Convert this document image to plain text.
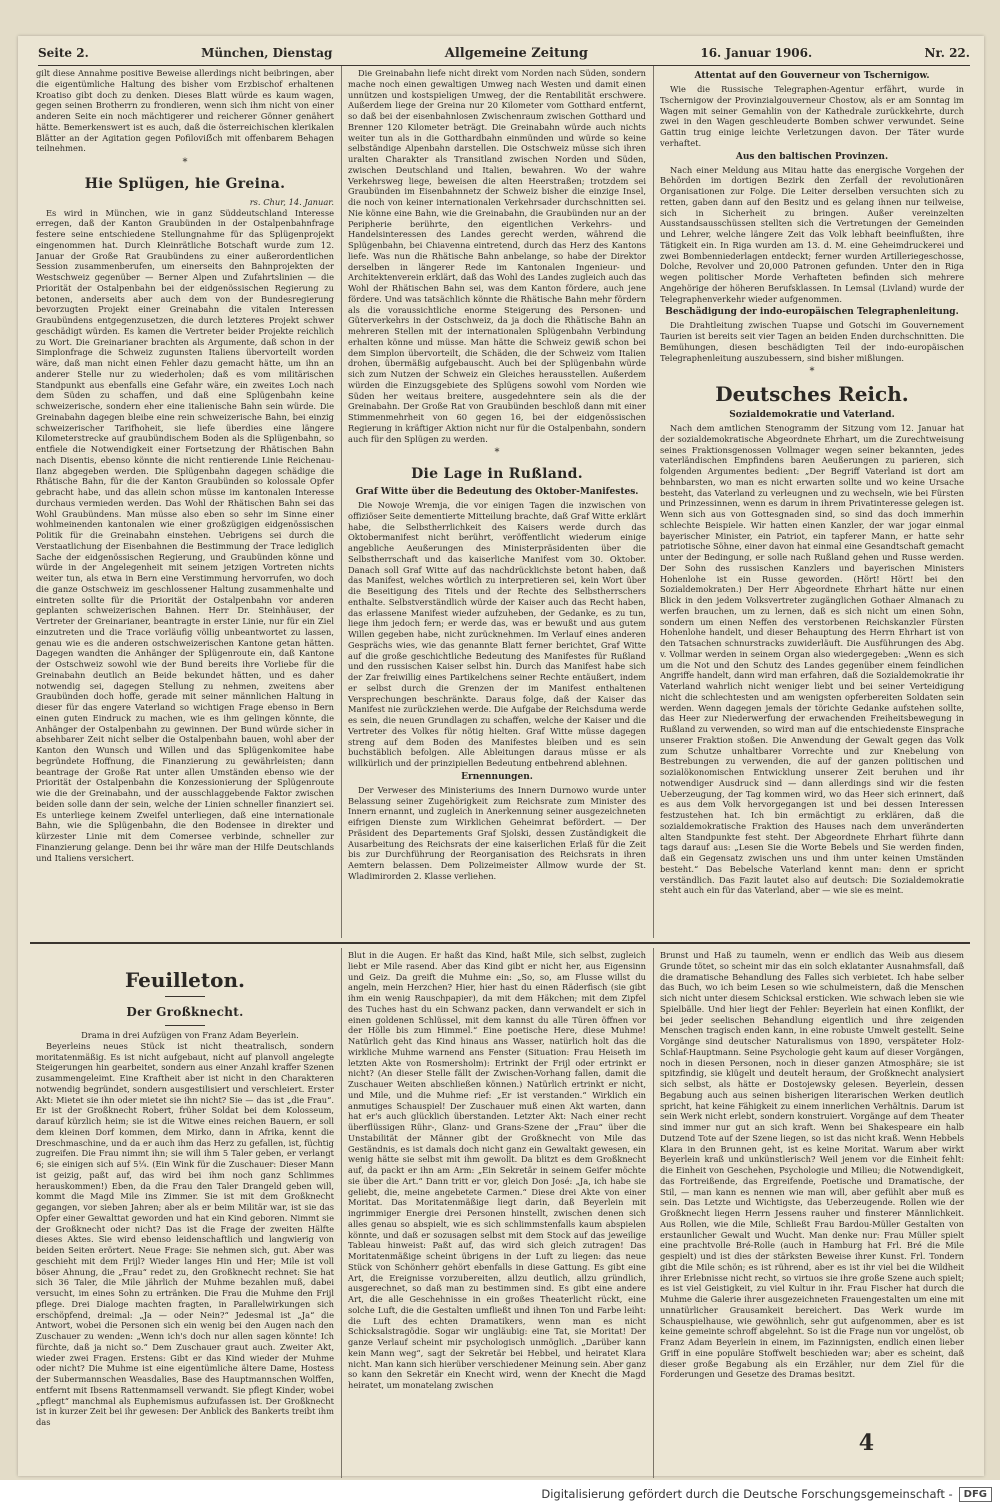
Seite 2.	München, Dienstag	Allgemeine Zeitung	16. Januar 1906.	Nr. 22.

gilt diese Annahme positive Beweise allerdings nicht beibringen, aber die eigentümliche Haltung des bisher vom Erzbischof erhaltenen Kroatiso gibt doch zu denken. Dieses Blatt würde es kaum wagen, gegen seinen Brotherrn zu frondieren, wenn sich ihm nicht von einer anderen Seite ein noch mächtigerer und reicherer Gönner genähert hätte. Bemerkenswert ist es auch, daß die österreichischen klerikalen Blätter an der Agitation gegen Pofiloviẞch mit offenbarem Behagen teilnehmen.

*
Hie Splügen, hie Greina.
rs. Chur, 14. Januar.

Es wird in München, wie in ganz Süddeutschland Interesse erregen, daß der Kanton Graubünden in der Ostalpenbahnfrage festere seine entschiedene Stellungnahme für das Splügenprojekt eingenommen hat. Durch Kleinrätliche Botschaft wurde zum 12. Januar der Große Rat Graubündens zu einer außerordentlichen Session zusammenberufen, um einerseits den Bahnprojekten der Westschweiz gegenüber — Berner Alpen und Zufahrtslinien — die Priorität der Ostalpenbahn bei der eidgenössischen Regierung zu betonen, anderseits aber auch dem von der Bundesregierung bevorzugten Projekt einer Greinabahn die vitalen Interessen Graubündens entgegenzusetzen, die durch letzteres Projekt schwer geschädigt würden. Es kamen die Vertreter beider Projekte reichlich zu Wort. Die Greinarianer brachten als Argumente, daß schon in der Simplonfrage die Schweiz zugunsten Italiens übervorteilt worden wäre, daß man nicht einen Fehler dazu gemacht hätte, um ihn an anderer Stelle nur zu wiederholen; daß es vom militärischen Standpunkt aus ebenfalls eine Gefahr wäre, ein zweites Loch nach dem Süden zu schaffen, und daß eine Splügenbahn keine schweizerische, sondern eher eine italienische Bahn sein würde. Die Greinabahn dagegen bleibe eine rein schweizerische Bahn, bei einzig schweizerischer Tarifhoheit, sie liefe überdies eine längere Kilometerstrecke auf graubündischem Boden als die Splügenbahn, so entfiele die Notwendigkeit einer Fortsetzung der Rhätischen Bahn nach Disentis, ebenso könnte die nicht rentierende Linie Reichenau-Ilanz abgegeben werden. Die Splügenbahn dagegen schädige die Rhätische Bahn, für die der Kanton Graubünden so kolossale Opfer gebracht habe, und das allein schon müsse im kantonalen Interesse durchaus vermieden werden. Das Wohl der Rhätischen Bahn sei das Wohl Graubündens. Man müsse also eben so sehr im Sinne einer wohlmeinenden kantonalen wie einer großzügigen eidgenössischen Politik für die Greinabahn einstehen. Uebrigens sei durch die Verstaatlichung der Eisenbahnen die Bestimmung der Trace lediglich Sache der eidgenössischen Regierung, und Graubünden könne und würde in der Angelegenheit mit seinem jetzigen Vortreten nichts weiter tun, als etwa in Bern eine Verstimmung hervorrufen, wo doch die ganze Ostschweiz im geschlossener Haltung zusammenhalte und eintreten sollte für die Priorität der Ostalpenbahn vor anderen geplanten schweizerischen Bahnen. Herr Dr. Steinhäuser, der Vertreter der Greinarianer, beantragte in erster Linie, nur für ein Ziel einzutreten und die Trace vorläufig völlig unbeantwortet zu lassen, genau wie es die anderen ostschweizerischen Kantone getan hätten. Dagegen wandten die Anhänger der Splügenroute ein, daß Kantone der Ostschweiz sowohl wie der Bund bereits ihre Vorliebe für die Greinabahn deutlich an Beide bekundet hätten, und es daher notwendig sei, dagegen Stellung zu nehmen, zweitens aber Graubünden doch hoffe, gerade mit seiner männlichen Haltung in dieser für das engere Vaterland so wichtigen Frage ebenso in Bern einen guten Eindruck zu machen, wie es ihm gelingen könnte, die Anhänger der Ostalpenbahn zu gewinnen. Der Bund würde sicher in absehbarer Zeit nicht selber die Ostalpenbahn bauen, wohl aber der Kanton den Wunsch und Willen und das Splügenkomitee habe begründete Hoffnung, die Finanzierung zu gewährleisten; dann beantrage der Große Rat unter allen Umständen ebenso wie der Priorität der Ostalpenbahn die Konzessionierung der Splügenroute wie die der Greinabahn, und der ausschlaggebende Faktor zwischen beiden solle dann der sein, welche der Linien schneller finanziert sei. Es unterliege keinem Zweifel unterliegen, daß eine internationale Bahn, wie die Splügenbahn, die den Bodensee in direkter und kürzester Linie mit dem Comersee verbinde, schneller zur Finanzierung gelange. Denn bei ihr wäre man der Hilfe Deutschlands und Italiens versichert.

Die Greinabahn liefe nicht direkt vom Norden nach Süden, sondern mache noch einen gewaltigen Umweg nach Westen und damit einen unnützen und kostspieligen Umweg, der die Rentabilität erschwere. Außerdem liege der Greina nur 20 Kilometer vom Gotthard entfernt, so daß bei der eisenbahnlosen Zwischenraum zwischen Gotthard und Brenner 120 Kilometer beträgt. Die Greinabahn würde auch nichts weiter tun als in die Gotthardbahn einmünden und würde so keine selbständige Alpenbahn darstellen. Die Ostschweiz müsse sich ihren uralten Charakter als Transitland zwischen Norden und Süden, zwischen Deutschland und Italien, bewahren. Wo der wahre Verkehrsweg liege, beweisen die alten Heerstraßen; trotzdem sei Graubünden im Eisenbahnnetz der Schweiz bisher die einzige Insel, die noch von keiner internationalen Verkehrsader durchschnitten sei. Nie könne eine Bahn, wie die Greinabahn, die Graubünden nur an der Peripherie berührte, den eigentlichen Verkehrs- und Handelsinteressen des Landes gerecht werden, während die Splügenbahn, bei Chiavenna eintretend, durch das Herz des Kantons liefe. Was nun die Rhätische Bahn anbelange, so habe der Direktor derselben in längerer Rede im Kantonalen Ingenieur- und Architektenverein erklärt, daß das Wohl des Landes zugleich auch das Wohl der Rhätischen Bahn sei, was dem Kanton fördere, auch jene fördere. Und was tatsächlich könnte die Rhätische Bahn mehr fördern als die voraussichtliche enorme Steigerung des Personen- und Güterverkehrs in der Ostschweiz, da ja doch die Rhätische Bahn an mehreren Stellen mit der internationalen Splügenbahn Verbindung erhalten könne und müsse. Man hätte die Schweiz gewiß schon bei dem Simplon übervorteilt, die Schäden, die der Schweiz vom Italien drohen, übermäßig aufgebauscht. Auch bei der Splügenbahn würde sich zum Nutzen der Schweiz ein Gleiches herausstellen. Außerdem würden die Einzugsgebiete des Splügens sowohl vom Norden wie Süden her weitaus breitere, ausgedehntere sein als die der Greinabahn. Der Große Rat von Graubünden beschloß dann mit einer Stimmenmehrheit von 60 gegen 16, bei der eidgenössischen Regierung in kräftiger Aktion nicht nur für die Ostalpenbahn, sondern auch für den Splügen zu werden.

*
Die Lage in Rußland.
Graf Witte über die Bedeutung des Oktober-Manifestes.

Die Nowoje Wremja, die vor einigen Tagen die inzwischen von offiziöser Seite dementierte Mitteilung brachte, daß Graf Witte erklärt habe, die Selbstherrlichkeit des Kaisers werde durch das Oktobermanifest nicht berührt, veröffentlicht wiederum einige angebliche Aeußerungen des Ministerpräsidenten über die Selbstherrschaft und das kaiserliche Manifest vom 30. Oktober. Danach soll Graf Witte auf das nachdrücklichste betont haben, daß das Manifest, welches wörtlich zu interpretieren sei, kein Wort über die Beseitigung des Titels und der Rechte des Selbstherrschers enthalte. Selbstverständlich würde der Kaiser auch das Recht haben, das erlassene Manifest wieder aufzuheben, der Gedanke, es zu tun, liege ihm jedoch fern; er werde das, was er bewußt und aus gutem Willen gegeben habe, nicht zurücknehmen. Im Verlauf eines anderen Gesprächs wies, wie das genannte Blatt ferner berichtet, Graf Witte auf die große geschichtliche Bedeutung des Manifestes für Rußland und den russischen Kaiser selbst hin. Durch das Manifest habe sich der Zar freiwillig eines Partikelchens seiner Rechte entäußert, indem er selbst durch die Grenzen der im Manifest enthaltenen Versprechungen beschränkte. Daraus folge, daß der Kaiser das Manifest nie zurückziehen werde. Die Aufgabe der Reichsduma werde es sein, die neuen Grundlagen zu schaffen, welche der Kaiser und die Vertreter des Volkes für nötig hielten. Graf Witte müsse dagegen streng auf dem Boden des Manifestes bleiben und es sein buchstäblich befolgen. Alle Ableitungen daraus müsse er als willkürlich und der prinzipiellen Bedeutung entbehrend ablehnen.

Ernennungen.

Der Verweser des Ministeriums des Innern Durnowo wurde unter Belassung seiner Zugehörigkeit zum Reichsrate zum Minister des Innern ernannt, und zugleich in Anerkennung seiner ausgezeichneten eifrigen Dienste zum Wirklichen Geheimrat befördert. — Der Präsident des Departements Graf Sjolski, dessen Zuständigkeit die Ausarbeitung des Reichsrats der eine kaiserlichen Erlaß für die Zeit bis zur Durchführung der Reorganisation des Reichsrats in ihren Aemtern belassen. Dem Polizeimeister Allmow wurde der St. Wladimirorden 2. Klasse verliehen.

Attentat auf den Gouverneur von Tschernigow.

Wie die Russische Telegraphen-Agentur erfährt, wurde in Tschernigow der Provinzialgouverneur Chostow, als er am Sonntag im Wagen mit seiner Gemahlin von der Kathedrale zurückkehrte, durch zwei in den Wagen geschleuderte Bomben schwer verwundet. Seine Gattin trug einige leichte Verletzungen davon. Der Täter wurde verhaftet.

Aus den baltischen Provinzen.

Nach einer Meldung aus Mitau hatte das energische Vorgehen der Behörden im dortigen Bezirk den Zerfall der revolutionären Organisationen zur Folge. Die Leiter derselben versuchten sich zu retten, gaben dann auf den Besitz und es gelang ihnen nur teilweise, sich in Sicherheit zu bringen. Außer vereinzelten Ausstandsausschüssen stellten sich die Vertretungen der Gemeinden und Lehrer, welche längere Zeit das Volk lebhaft beeinflußten, ihre Tätigkeit ein. In Riga wurden am 13. d. M. eine Geheimdruckerei und zwei Bombenniederlagen entdeckt; ferner wurden Artilleriegeschosse, Dolche, Revolver und 20,000 Patronen gefunden. Unter den in Riga wegen politischer Morde Verhafteten befinden sich mehrere Angehörige der höheren Berufsklassen. In Lemsal (Livland) wurde der Telegraphenverkehr wieder aufgenommen.

Beschädigung der indo-europäischen Telegraphenleitung.

Die Drahtleitung zwischen Tuapse und Gotschi im Gouvernement Taurien ist bereits seit vier Tagen an beiden Enden durchschnitten. Die Bemühungen, diesen beschädigten Teil der indo-europäischen Telegraphenleitung auszubessern, sind bisher mißlungen.

*
Deutsches Reich.
Sozialdemokratie und Vaterland.

Nach dem amtlichen Stenogramm der Sitzung vom 12. Januar hat der sozialdemokratische Abgeordnete Ehrhart, um die Zurechtweisung seines Fraktionsgenossen Vollmager wegen seiner bekannten, jedes vaterländischen Empfindens baren Aeußerungen zu parieren, sich folgenden Argumentes bedient: „Der Begriff Vaterland ist dort am behnbarsten, wo man es nicht erwarten sollte und wo keine Ursache besteht, das Vaterland zu verleugnen und zu wechseln, wie bei Fürsten und Prinzessinnen, wenn es darum in ihrem Privatinteresse gelegen ist. Wenn sich aus von Gottesgnaden sind, so sind das doch immerhin schlechte Beispiele. Wir hatten einen Kanzler, der war jogar einmal bayerischer Minister, ein Patriot, ein tapferer Mann, er hatte sehr patriotische Söhne, einer davon hat einmal eine Gesandtschaft gemacht unter der Bedingung, er solle nach Rußland gehen und Russe werden. Der Sohn des russischen Kanzlers und bayerischen Ministers Hohenlohe ist ein Russe geworden. (Hört! Hört! bei den Sozialdemokraten.) Der Herr Abgeordnete Ehrhart hätte nur einen Blick in den jedem Volksvertreter zugänglichen Gothaer Almanach zu werfen brauchen, um zu lernen, daß es sich nicht um einen Sohn, sondern um einen Neffen des verstorbenen Reichskanzler Fürsten Hohenlohe handelt, und dieser Behauptung des Herrn Ehrhart ist von den Tatsachen schnurstracks zuwiderläuft. Die Ausführungen des Abg. v. Vollmar werden in seinem Organ also wiedergegeben: „Wenn es sich um die Not und den Schutz des Landes gegenüber einem feindlichen Angriffe handelt, dann wird man erfahren, daß die Sozialdemokratie ihr Vaterland wahrlich nicht weniger liebt und bei seiner Verteidigung nicht die schlechtesten und am wenigsten opferbereiten Soldaten sein werden. Wenn dagegen jemals der törichte Gedanke aufstehen sollte, das Heer zur Niederwerfung der erwachenden Freiheitsbewegung in Rußland zu verwenden, so wird man auf die entschiedenste Einsprache unserer Fraktion stoßen. Die Anwendung der Gewalt gegen das Volk zum Schutze unhaltbarer Vorrechte und zur Knebelung von Bestrebungen zu verwenden, die auf der ganzen politischen und sozialökonomischen Entwicklung unserer Zeit beruhen und ihr notwendiger Ausdruck sind — dann allerdings sind wir die festen Ueberzeugung, der Tag kommen wird, wo das Heer sich erinnert, daß es aus dem Volk hervorgegangen ist und bei dessen Interessen festzustehen hat. Ich bin ermächtigt zu erklären, daß die sozialdemokratische Fraktion des Hauses nach dem unveränderten alten Standpunkte fest steht. Der Abgeordnete Ehrhart führte dann tags darauf aus: „Lesen Sie die Worte Bebels und Sie werden finden, daß ein Gegensatz zwischen uns und ihm unter keinen Umständen besteht.“ Das Bebelsche Vaterland kennt man: denn er spricht verständlich. Das Fazit lautet also auf deutsch: Die Sozialdemokratie steht auch ein für das Vaterland, aber — wie sie es meint.

Feuilleton.
Der Großknecht.

Drama in drei Aufzügen von Franz Adam Beyerlein.

Beyerleins neues Stück ist nicht theatralisch, sondern moritatenmäßig. Es ist nicht aufgebaut, nicht auf planvoll angelegte Steigerungen hin gearbeitet, sondern aus einer Anzahl kraffer Szenen zusammengeleimt. Eine Kraftheit aber ist nicht in den Charakteren notwendig begründet, sondern ausgestilisiert und verschleiert. Erster Akt: Mietet sie ihn oder mietet sie ihn nicht? Sie — das ist „die Frau“. Er ist der Großknecht Robert, früher Soldat bei dem Kolosseum, darauf kürzlich heim; sie ist die Witwe eines reichen Bauern, er soll dem kleinen Dorf kommen, dem Mirko, dann in Afrika, kennt die Dreschmaschine, und da er auch ihm das Herz zu gefallen, ist, füchtig zugreifen. Die Frau nimmt ihn; sie will ihm 5 Taler geben, er verlangt 6; sie einigen sich auf 5¼. (Ein Wink für die Zuschauer: Dieser Mann ist geizig, paßt auf, das wird bei ihm noch ganz Schlimmes herauskommen!) Eben, da die Frau den Taler Drangeld geben will, kommt die Magd Mile ins Zimmer. Sie ist mit dem Großknecht gegangen, vor sieben Jahren; aber als er beim Militär war, ist sie das Opfer einer Gewalttat geworden und hat ein Kind geboren. Nimmt sie der Großknecht oder nicht? Das ist die Frage der zweiten Hälfte dieses Aktes. Sie wird ebenso leidenschaftlich und langwierig von beiden Seiten erörtert. Neue Frage: Sie nehmen sich, gut. Aber was geschieht mit dem Frijl? Wieder langes Hin und Her; Mile ist voll böser Ahnung, die „Frau“ redet zu, den Großknecht rechnet: Sie hat sich 36 Taler, die Mile jährlich der Muhme bezahlen muß, dabei versucht, im eines Sohn zu ertränken. Die Frau die Muhme den Frijl pflege. Drei Dialoge machten fragten, in Parallelwirkungen sich erschöpfend, dreimal: „Ja — oder Nein?“ Jedesmal ist „Ja“ die Antwort, wobei die Personen sich ein wenig bei den Augen nach den Zuschauer zu wenden: „Wenn ich's doch nur allen sagen könnte! Ich fürchte, daß ja nicht so.“ Dem Zuschauer graut auch. Zweiter Akt, wieder zwei Fragen. Erstens: Gibt er das Kind wieder der Muhme oder nicht? Die Muhme ist eine eigentümliche ältere Dame, Hostess der Subermannschen Weasdalies, Base des Hauptmannschen Wolffen, entfernt mit Ibsens Rattenmamsell verwandt. Sie pflegt Kinder, wobei „pflegt“ manchmal als Euphemismus aufzufassen ist. Der Großknecht ist in kurzer Zeit bei ihr gewesen: Der Anblick des Bankerts treibt ihm das

Blut in die Augen. Er haßt das Kind, haßt Mile, sich selbst, zugleich liebt er Mile rasend. Aber das Kind gibt er nicht her, aus Eigensinn und Geiz. Da greift die Muhme ein: „So, so, am Flusse willst du angeln, mein Herzchen? Hier, hier hast du einen Räderfisch (sie gibt ihm ein wenig Rauschpapier), da mit dem Häkchen; mit dem Zipfel des Tuches hast du ein Schwanz packen, dann verwandelt er sich in einen goldenen Schlüssel, mit dem kannst du alle Türen öffnen vor der Hölle bis zum Himmel.“ Eine poetische Here, diese Muhme! Natürlich geht das Kind hinaus ans Wasser, natürlich holt das die wirkliche Muhme warnend ans Fenster (Situation: Frau Heiseth im letzten Akte von Rosmersholm): Ertrinkt der Frijl oder ertrinkt er nicht? (An dieser Stelle fällt der Zwischen-Vorhang fallen, damit die Zuschauer Weiten abschließen können.) Natürlich ertrinkt er nicht, und Mile, und die Muhme rief: „Er ist verstanden.“ Wirklich ein anmutiges Schauspiel! Der Zuschauer muß einen Akt warten, dann hat er's auch glücklich überstanden. Letzter Akt: Nach einer recht überflüssigen Rühr-, Glanz- und Grans-Szene der „Frau“ über die Unstabilität der Männer gibt der Großknecht von Mile das Geständnis, es ist damals doch nicht ganz ein Gewaltakt gewesen, ein wenig hätte sie selbst mit ihm gewollt. Da blitzt es dem Großknecht auf, da packt er ihn am Arm: „Ein Sekretär in seinem Geifer möchte sie über die Art.“ Dann tritt er vor, gleich Don José: „Ja, ich habe sie geliebt, die, meine angebetete Carmen.“ Diese drei Akte von einer Moritat. Das Moritatenmäßige liegt darin, daß Beyerlein mit ingrimmiger Energie drei Personen hinstellt, zwischen denen sich alles genau so abspielt, wie es sich schlimmstenfalls kaum abspielen könnte, und daß er sozusagen selbst mit dem Stock auf das jeweilige Tableau hinweist: Paßt auf, das wird sich gleich zutragen! Das Moritatenmäßige scheint übrigens in der Luft zu liegen: das neue Stück von Schönherr gehört ebenfalls in diese Gattung. Es gibt eine Art, die Ereignisse vorzubereiten, allzu deutlich, allzu gründlich, ausgerechnet, so daß man zu bestimmen sind. Es gibt eine andere Art, die alle Geschehnisse in ein großes Theaterlicht rückt, eine solche Luft, die die Gestalten umfließt und ihnen Ton und Farbe leiht: die Luft des echten Dramatikers, wenn man es nicht Schicksalstragödie. Sogar wir ungläubig: eine Tat, sie Moritat! Der ganze Verlauf scheint mir psychologisch unmöglich. „Darüber kann kein Mann weg“, sagt der Sekretär bei Hebbel, und heiratet Klara nicht. Man kann sich hierüber verschiedener Meinung sein. Aber ganz so kann den Sekretär ein Knecht wird, wenn der Knecht die Magd heiratet, um monatelang zwischen

Brunst und Haß zu taumeln, wenn er endlich das Weib aus diesem Grunde tötet, so scheint mir das ein solch eklatanter Ausnahmsfall, daß die dramatische Behandlung des Falles sich verbietet. Ich habe selber das Buch, wo ich beim Lesen so wie schulmeistern, daß die Menschen sich nicht unter diesem Schicksal ersticken. Wie schwach leben sie wie Spielbälle. Und hier liegt der Fehler: Beyerlein hat einen Konflikt, der bei jeder seelischen Behandlung eigentlich und ihre zeigenden Menschen tragisch enden kann, in eine robuste Umwelt gestellt. Seine Vorgänge sind deutscher Naturalismus von 1890, verspäteter Holz-Schlaf-Hauptmann. Seine Psychologie geht kaum auf dieser Vorgängen, noch in diesen Personen, noch in dieser ganzen Atmosphäre; sie ist spitzfindig, sie klügelt und deutelt heraum, der Großknecht analysiert sich selbst, als hätte er Dostojewsky gelesen. Beyerlein, dessen Begabung auch aus seinen bisherigen literarischen Werken deutlich spricht, hat keine Fähigkeit zu einem innerlichen Verhältnis. Darum ist sein Werk nicht erlebt, sondern konstruiert. Vorgänge auf dem Theater sind immer nur gut an sich kraft. Wenn bei Shakespeare ein halb Dutzend Tote auf der Szene liegen, so ist das nicht kraß. Wenn Hebbels Klara in den Brunnen geht, ist es keine Moritat. Warum aber wirkt Beyerlein kraß und unkünstlerisch? Weil jenem vor die Einheit fehlt: die Einheit von Geschehen, Psychologie und Milieu; die Notwendigkeit, das Fortreißende, das Ergreifende, Poetische und Dramatische, der Stil, — man kann es nennen wie man will, aber gefühlt aber muß es sein. Das Letzte und Wichtigste, das Ueberzeugende. Rollen wie der Großknecht liegen Herrn Jessens rauher und finsterer Männlichkeit. Aus Rollen, wie die Mile, Schließt Frau Bardou-Müller Gestalten von erstaunlicher Gewalt und Wucht. Man denke nur: Frau Müller spielt eine prachtvolle Bré-Rolle (auch in Hamburg hat Frl. Bré die Mile gespielt) und ist dies der stärksten Beweise ihrer Kunst. Frl. Tondern gibt die Mile schön; es ist rührend, aber es ist ihr viel bei die Wildheit ihrer Erlebnisse nicht recht, so virtuos sie ihre große Szene auch spielt; es ist viel Geistigkeit, zu viel Kultur in ihr. Frau Fischer hat durch die Muhme die Galerie ihrer ausgezeichneten Frauengestalten um eine mit unnatürlicher Grausamkeit bereichert. Das Werk wurde im Schauspielhause, wie gewöhnlich, sehr gut aufgenommen, aber es ist keine gemeinte schroff abgelehnt. So ist die Frage nun vor ungelöst, ob Franz Adam Beyerlein in einem, im Fazinnigsten, endlich einen lieber Griff in eine populäre Stoffwelt beschieden war; aber es scheint, daß dieser große Begabung als ein Erzähler, nur dem Ziel für die Forderungen und Gesetze des Dramas besitzt.

4
Digitalisierung gefördert durch die Deutsche Forschungsgemeinschaft -	DFG
